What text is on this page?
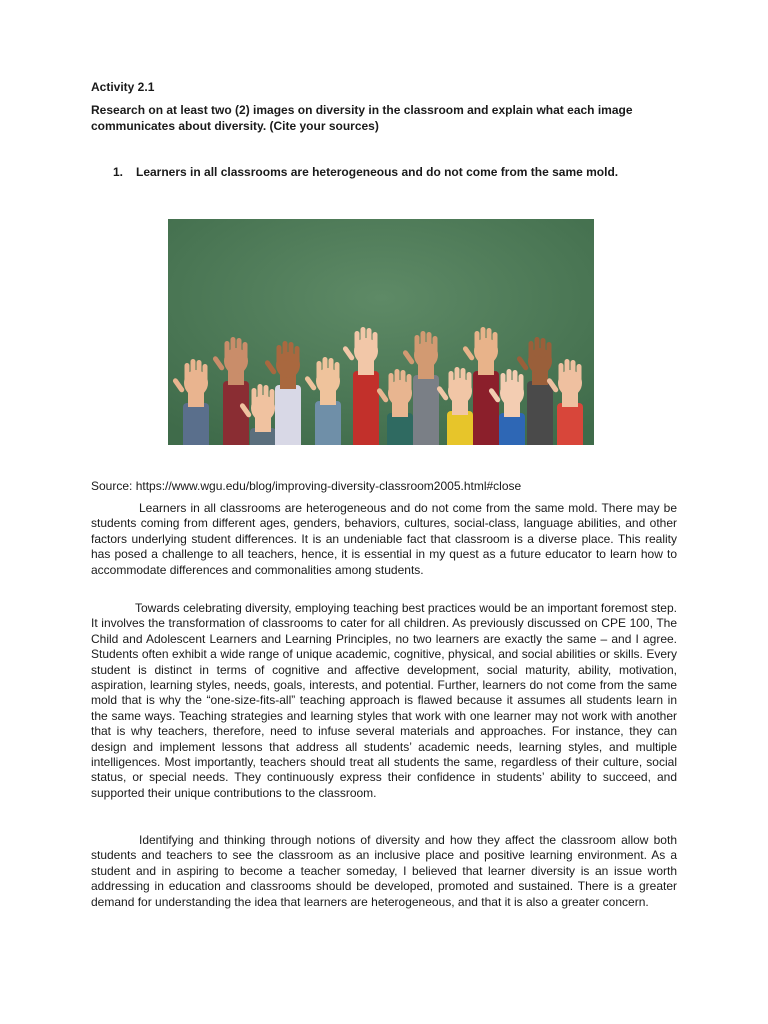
Activity 2.1

Research on at least two (2) images on diversity in the classroom and explain what each image communicates about diversity. (Cite your sources)

1.	Learners in all classrooms are heterogeneous and do not come from the same mold.

Source: https://www.wgu.edu/blog/improving-diversity-classroom2005.html#close

Learners in all classrooms are heterogeneous and do not come from the same mold. There may be students coming from different ages, genders, behaviors, cultures, social-class, language abilities, and other factors underlying student differences. It is an undeniable fact that classroom is a diverse place. This reality has posed a challenge to all teachers, hence, it is essential in my quest as a future educator to learn how to accommodate differences and commonalities among students.

Towards celebrating diversity, employing teaching best practices would be an important foremost step. It involves the transformation of classrooms to cater for all children. As previously discussed on CPE 100, The Child and Adolescent Learners and Learning Principles, no two learners are exactly the same – and I agree. Students often exhibit a wide range of unique academic, cognitive, physical, and social abilities or skills. Every student is distinct in terms of cognitive and affective development, social maturity, ability, motivation, aspiration, learning styles, needs, goals, interests, and potential. Further, learners do not come from the same mold that is why the “one-size-fits-all” teaching approach is flawed because it assumes all students learn in the same ways. Teaching strategies and learning styles that work with one learner may not work with another that is why teachers, therefore, need to infuse several materials and approaches. For instance, they can design and implement lessons that address all students’ academic needs, learning styles, and multiple intelligences. Most importantly, teachers should treat all students the same, regardless of their culture, social status, or special needs. They continuously express their confidence in students’ ability to succeed, and supported their unique contributions to the classroom.

Identifying and thinking through notions of diversity and how they affect the classroom allow both students and teachers to see the classroom as an inclusive place and positive learning environment. As a student and in aspiring to become a teacher someday, I believed that learner diversity is an issue worth addressing in education and classrooms should be developed, promoted and sustained. There is a greater demand for understanding the idea that learners are heterogeneous, and that it is also a greater concern.
